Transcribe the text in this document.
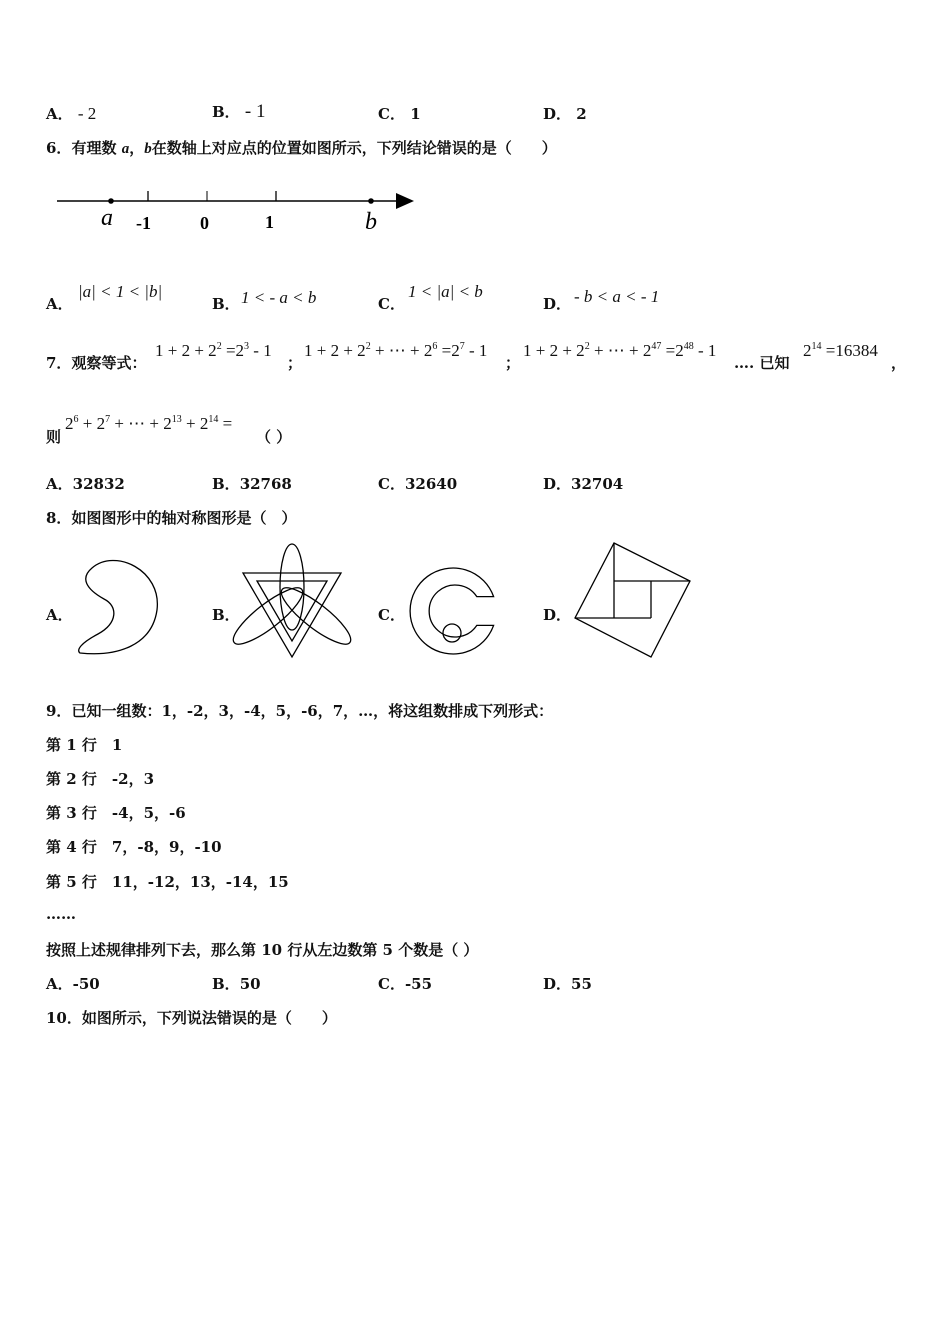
A． - 2	B． - 1	C． 1	D． 2
6．有理数 a，b在数轴上对应点的位置如图所示，下列结论错误的是（　　）
a -1	0	1	b
A．
|a| < 1 < |b|
B． 1 < - a < b	C．
1 < |a| < b
D． - b < a < - 1
7．观察等式：
$1 + 2 + 2^2 =2^3 - 1$
；
$1 + 2 + 2^2$ + ⋯ + $2^6 =2^7 - 1$
；
$1 + 2 + 2^2$ + ⋯ + $2^{47} =2^{48} - 1$
…. 已知
$2^{14} =16384$
，
则
$2^6 + 2^7$ + ⋯ + $2^{13} + 2^{14}$ =
（ ）
A．32832	B．32768	C．32640	D．32704
8．如图图形中的轴对称图形是（　）
A．	B．	C．	D．
9．已知一组数：1，-2，3，-4，5，-6，7，…，将这组数排成下列形式：
第 1 行　 1
第 2 行　 -2，3
第 3 行　 -4，5，-6
第 4 行　 7，-8，9，-10
第 5 行　 11，-12，13，-14，15
……
按照上述规律排列下去，那么第 10 行从左边数第 5 个数是（ ）
A．-50	B．50	C．-55	D．55
10．如图所示，下列说法错误的是（　　）
